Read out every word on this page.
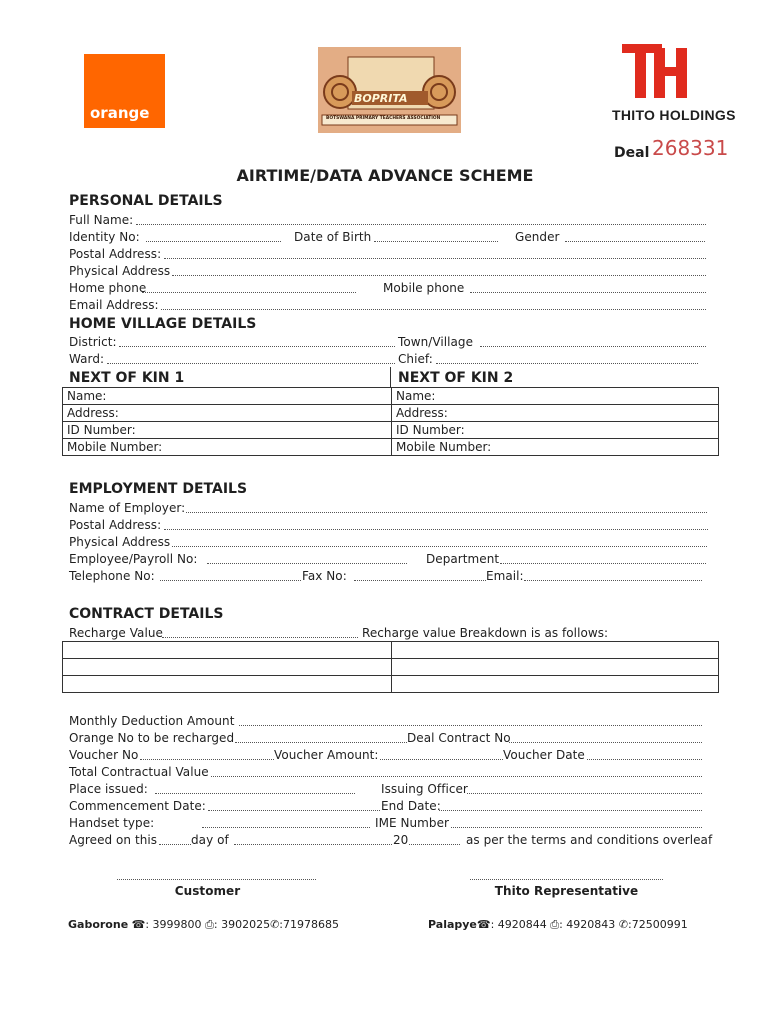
orange
BOPRITA
BOTSWANA PRIMARY TEACHERS ASSOCIATION	THITO HOLDINGS
Deal 268331
AIRTIME/DATA ADVANCE SCHEME
PERSONAL DETAILS
Full Name:
Identity No:	Date of Birth	Gender
Postal Address:
Physical Address
Home phone	Mobile phone
Email Address:
HOME VILLAGE DETAILS
District:	Town/Village
Ward:	Chief:
NEXT OF KIN 1	NEXT OF KIN 2
Name:	Name:
Address:	Address:
ID Number:	ID Number:
Mobile Number:	Mobile Number:
EMPLOYMENT DETAILS
Name of Employer:
Postal Address:
Physical Address
Employee/Payroll No:	Department
Telephone No:	Fax No:	Email:
CONTRACT DETAILS
Recharge Value	Recharge value Breakdown is as follows:

Monthly Deduction Amount
Orange No to be recharged	Deal Contract No
Voucher No	Voucher Amount:	Voucher Date
Total Contractual Value
Place issued:	Issuing Officer
Commencement Date:	End Date:
Handset type:	IME Number
Agreed on this	day of	20	as per the terms and conditions overleaf
Customer	Thito Representative
Gaborone ☎: 3999800 ⎙: 3902025✆:71978685	Palapye☎: 4920844 ⎙: 4920843 ✆:72500991
